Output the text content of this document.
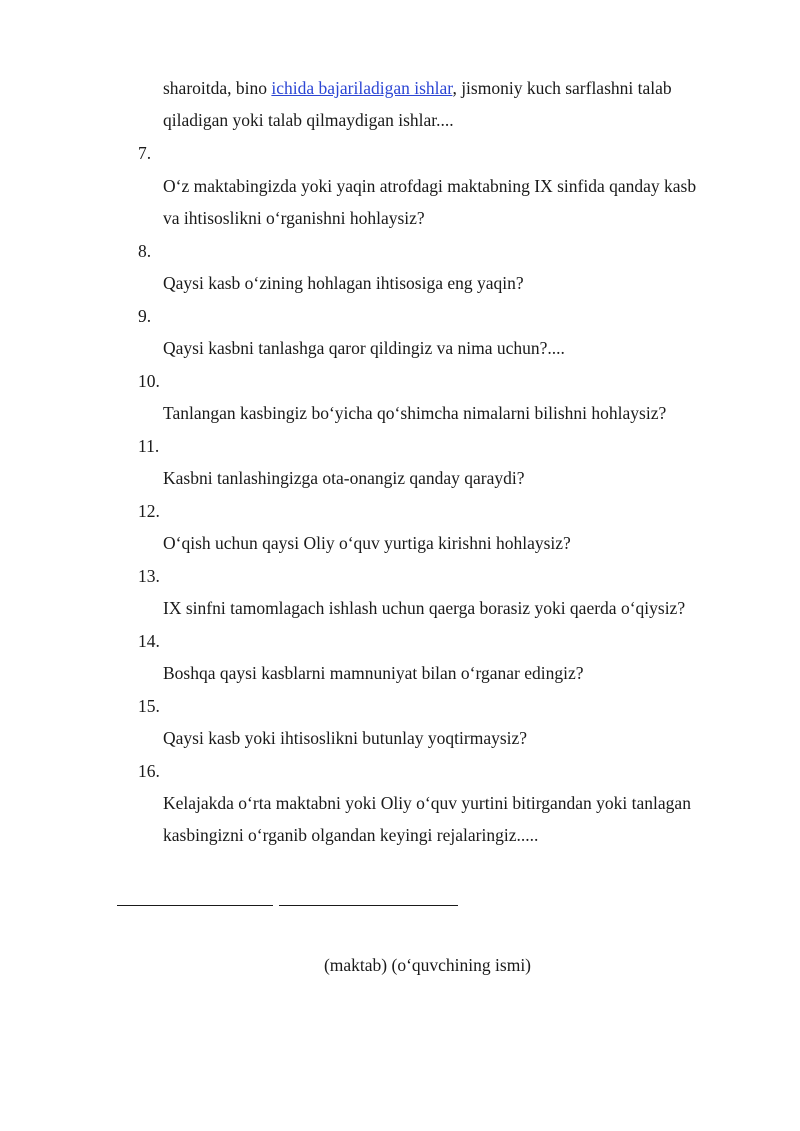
sharoitda, bino ichida bajariladigan ishlar, jismoniy kuch sarflashni talab
qiladigan yoki talab qilmaydigan ishlar....
7.
O‘z maktabingizda yoki yaqin atrofdagi maktabning IX sinfida qanday kasb
va ihtisoslikni o‘rganishni hohlaysiz?
8.
Qaysi kasb o‘zining hohlagan ihtisosiga eng yaqin?
9.
Qaysi kasbni tanlashga qaror qildingiz va nima uchun?....
10.
Tanlangan kasbingiz bo‘yicha qo‘shimcha nimalarni bilishni hohlaysiz?
11.
Kasbni tanlashingizga ota-onangiz qanday qaraydi?
12.
O‘qish uchun qaysi Oliy o‘quv yurtiga kirishni hohlaysiz?
13.
IX sinfni tamomlagach ishlash uchun qaerga borasiz yoki qaerda o‘qiysiz?
14.
Boshqa qaysi kasblarni mamnuniyat bilan o‘rganar edingiz?
15.
Qaysi kasb yoki ihtisoslikni butunlay yoqtirmaysiz?
16.
Kelajakda o‘rta maktabni yoki Oliy o‘quv yurtini bitirgandan yoki tanlagan
kasbingizni o‘rganib olgandan keyingi rejalaringiz.....
(maktab) (o‘quvchining ismi)
